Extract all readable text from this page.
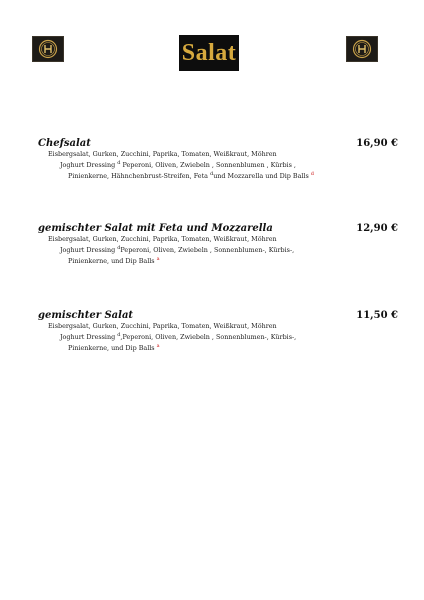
Salat
Chefsalat	16,90 €
Eisbergsalat, Gurken, Zucchini, Paprika, Tomaten, Weißkraut, Möhren
Joghurt Dressing $^d$ Peperoni, Oliven, Zwiebeln , Sonnenblumen , Kürbis ,
Pinienkerne, Hähnchenbrust-Streifen, Feta $^d$und Mozzarella und Dip Balls $^d$
gemischter Salat mit Feta und Mozzarella	12,90 €
Eisbergsalat, Gurken, Zucchini, Paprika, Tomaten, Weißkraut, Möhren
Joghurt Dressing $^d$Peperoni, Oliven, Zwiebeln , Sonnenblumen-, Kürbis-,
Pinienkerne, und Dip Balls $^a$
gemischter Salat	11,50 €
Eisbergsalat, Gurken, Zucchini, Paprika, Tomaten, Weißkraut, Möhren
Joghurt Dressing $^d$,Peperoni, Oliven, Zwiebeln , Sonnenblumen-, Kürbis-,
Pinienkerne, und Dip Balls $^a$
